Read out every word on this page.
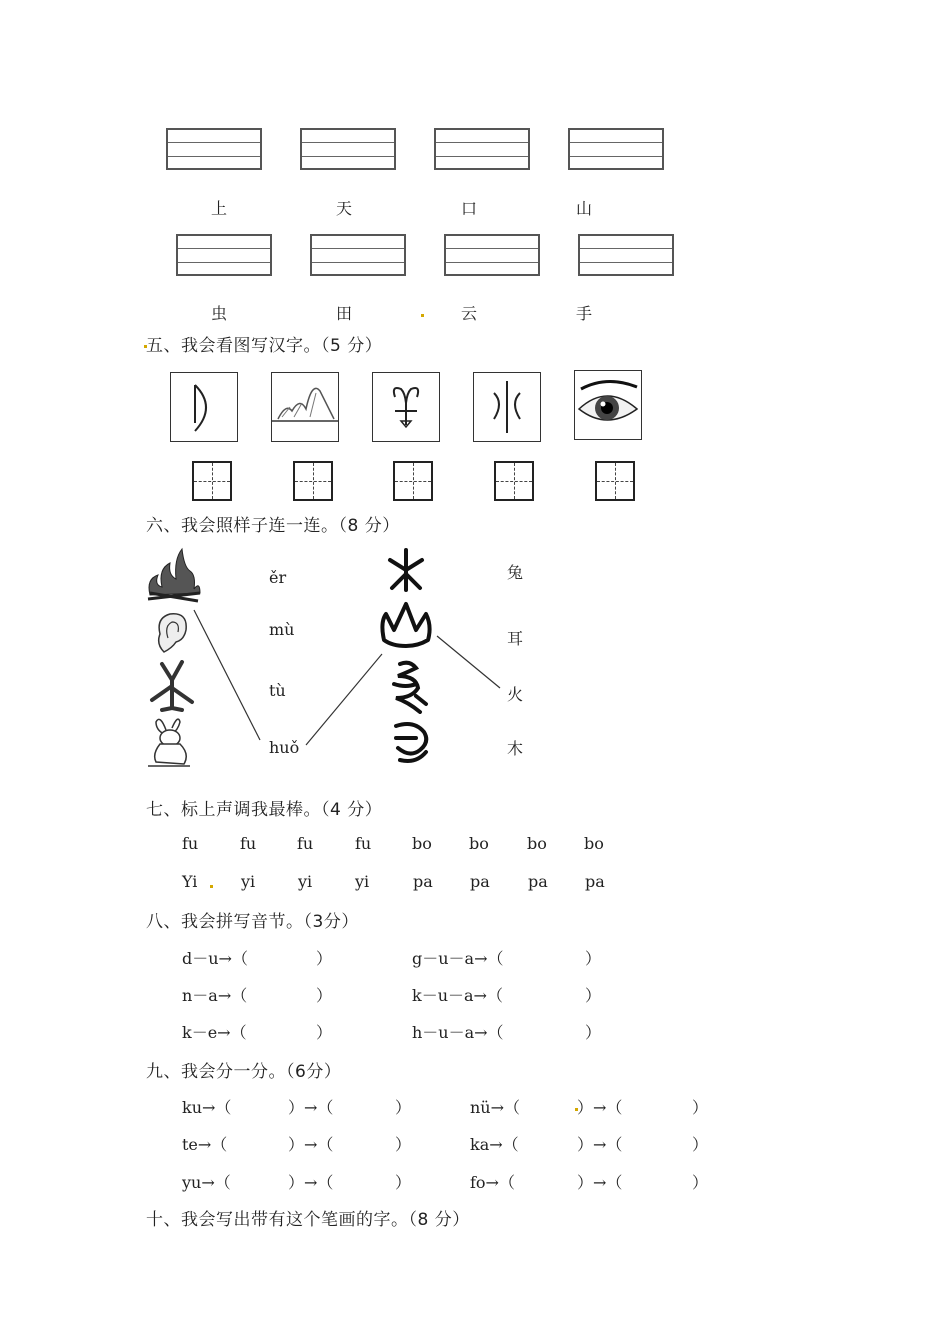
上	天	口	山
虫	田	云	手
五、我会看图写汉字。（5 分）
六、我会照样子连一连。（8 分）
ěr
mù
tù
huǒ
兔
耳
火
木
七、标上声调我最棒。（4 分）
fu	fu	fu	fu	bo bo bo bo
Yi	yi	yi	yi	pa pa pa pa
八、我会拼写音节。（3分）
d－u→（	）	g－u－a→（	）
n－a→（	）	k－u－a→（	）
k－e→（	）	h－u－a→（	）
九、我会分一分。（6分）
ku→（	）→（	）	nü→（	）→（	）
te→（	）→（	）	ka→（	）→（	）
yu→（	）→（	）	fo→（	）→（	）
十、我会写出带有这个笔画的字。（8 分）
